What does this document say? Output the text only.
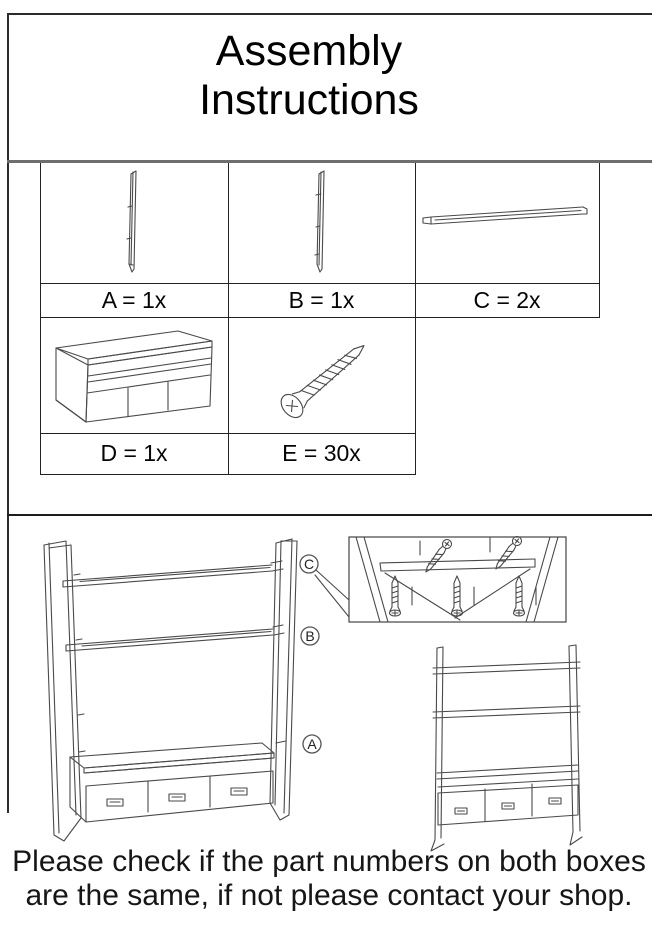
Assembly
Instructions
A = 1x	B = 1x	C = 2x
D = 1x	E = 30x
C
B
A
Please check if the part numbers on both boxes
are the same, if not please contact your shop.
